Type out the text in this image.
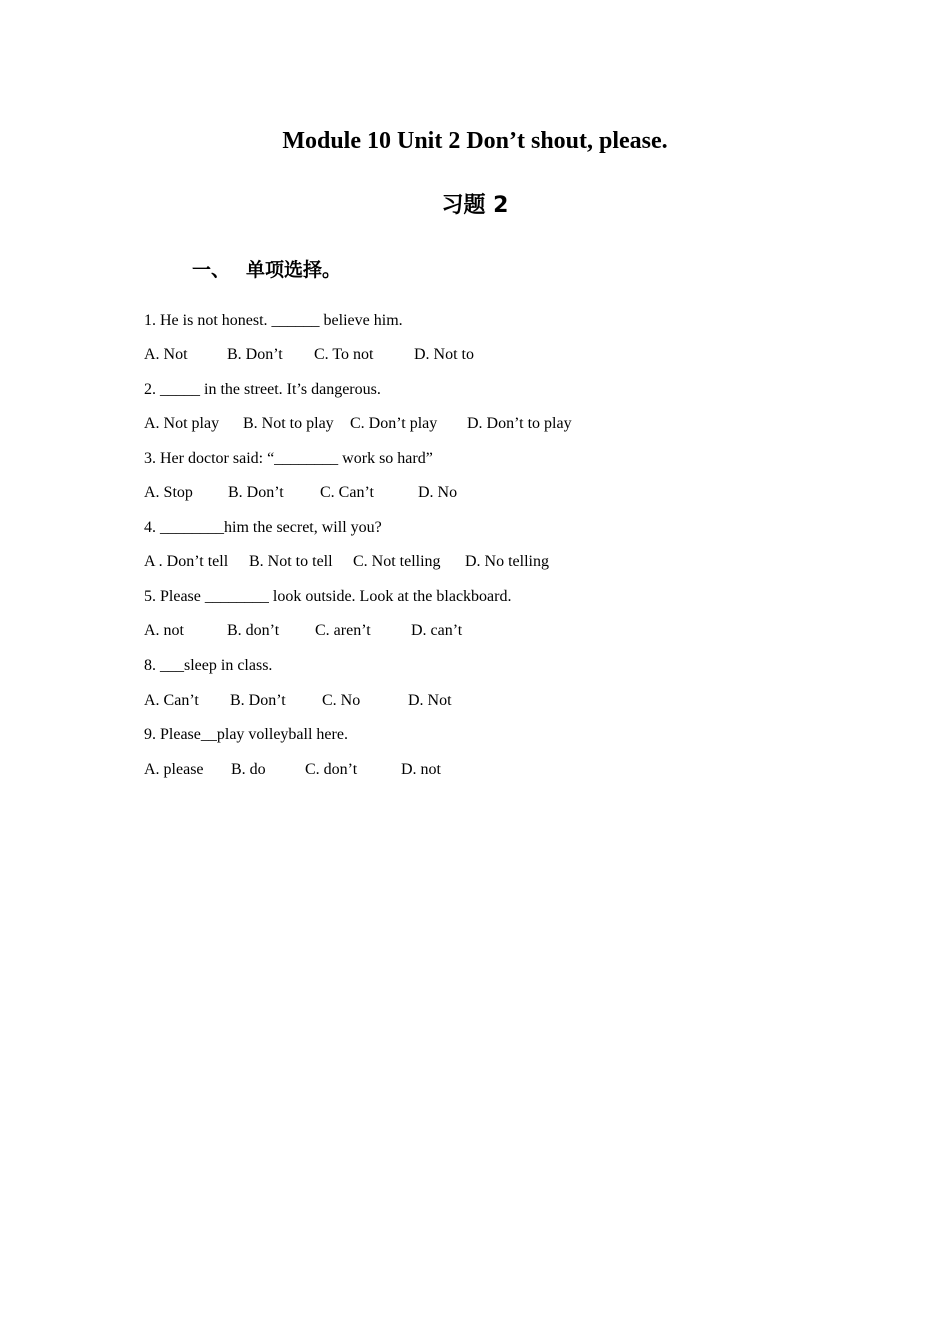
Module 10 Unit 2 Don’t shout, please.
习题 2
一、 单项选择。
1. He is not honest. ______ believe him.
A. Not B. Don’t C. To not	D. Not to
2. _____ in the street. It’s dangerous.
A. Not play B. Not to play C. Don’t play D. Don’t to play
3. Her doctor said: “________ work so hard”
A. Stop B. Don’t C. Can’t	D. No
4. ________him the secret, will you?
A . Don’t tell B. Not to tell C. Not telling D. No telling
5. Please ________ look outside. Look at the blackboard.
A. not	B. don’t C. aren’t	D. can’t
8. ___sleep in class.
A. Can’t B. Don’t C. No	D. Not
9. Please__play volleyball here.
A. please B. do C. don’t	D. not
